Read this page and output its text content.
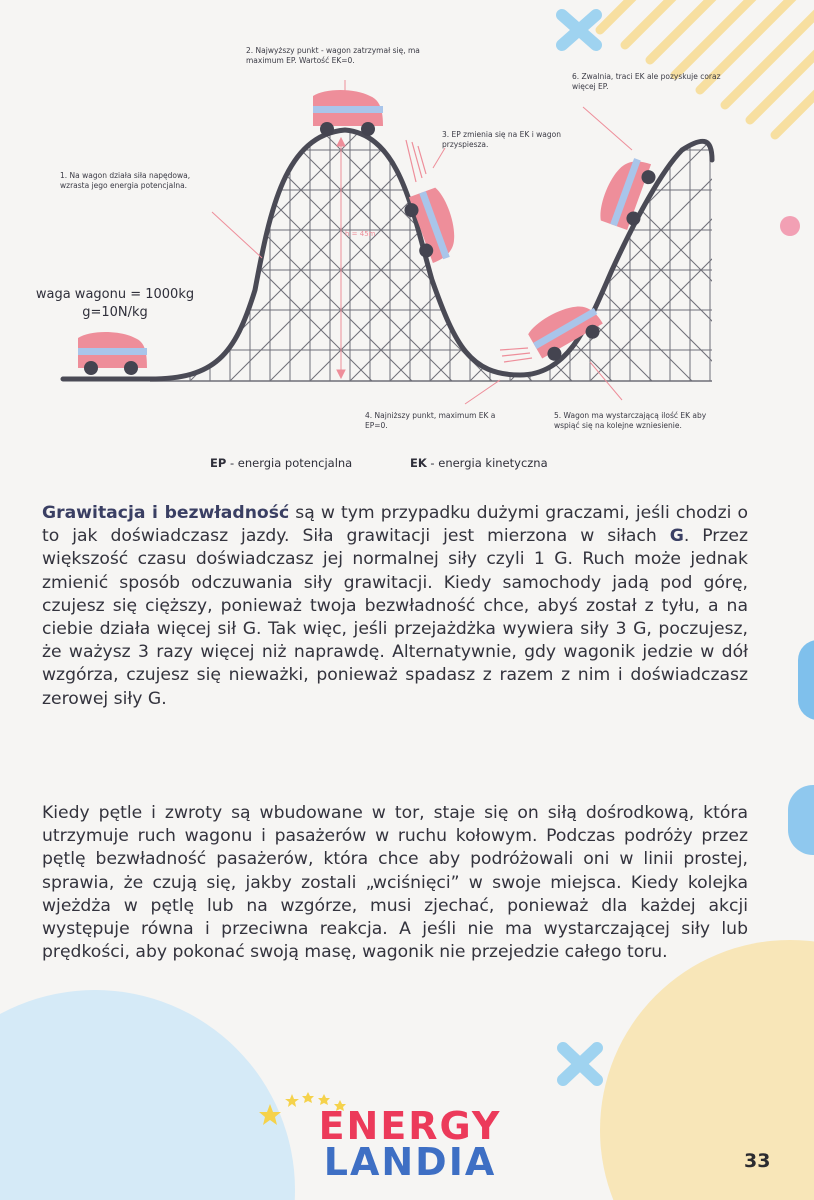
h = 45m
1. Na wagon działa siła napędowa, wzrasta jego energia potencjalna.
2. Najwyższy punkt - wagon zatrzymał się, ma maximum EP. Wartość EK=0.
3. EP zmienia się na EK i wagon przyspiesza.
4. Najniższy punkt, maximum EK a EP=0.
5. Wagon ma wystarczającą ilość EK aby wspiąć się na kolejne wzniesienie.
6. Zwalnia, traci EK ale pozyskuje coraz więcej EP.
waga wagonu = 1000kg
g=10N/kg
EP - energia potencjalna	EK - energia kinetyczna
Grawitacja i bezwładność są w tym przypadku dużymi graczami, jeśli chodzi o to jak doświadczasz jazdy. Siła grawitacji jest mierzona w siłach G. Przez większość czasu doświadczasz jej normalnej siły czyli 1 G. Ruch może jednak zmienić sposób odczuwania siły grawitacji. Kiedy samochody jadą pod górę, czujesz się cięższy, ponieważ twoja bezwładność chce, abyś został z tyłu, a na ciebie działa więcej sił G. Tak więc, jeśli przejażdżka wywiera siły 3 G, poczujesz, że ważysz 3 razy więcej niż naprawdę. Alternatywnie, gdy wagonik jedzie w dół wzgórza, czujesz się nieważki, ponieważ spadasz z razem z nim i doświadczasz zerowej siły G.
Kiedy pętle i zwroty są wbudowane w tor, staje się on siłą dośrodkową, która utrzymuje ruch wagonu i pasażerów w ruchu kołowym. Podczas podróży przez pętlę bezwładność pasażerów, która chce aby podróżowali oni w linii prostej, sprawia, że czują się, jakby zostali „wciśnięci” w swoje miejsca. Kiedy kolejka wjeżdża w pętlę lub na wzgórze, musi zjechać, ponieważ dla każdej akcji występuje równa i przeciwna reakcja. A jeśli nie ma wystarczającej siły lub prędkości, aby pokonać swoją masę, wagonik nie przejedzie całego toru.
ENERGY
LANDIA	33
